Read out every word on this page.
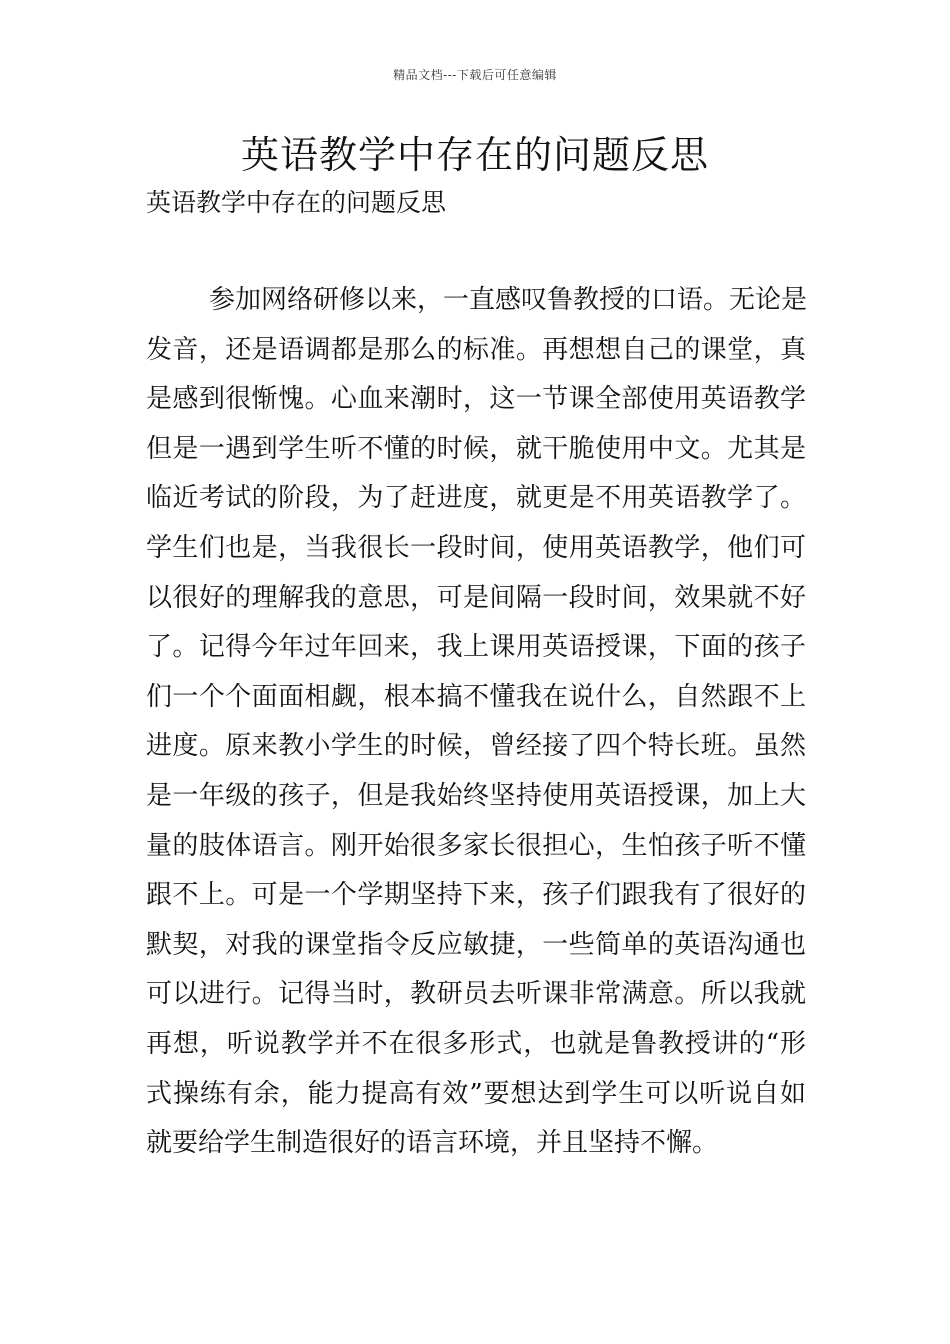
精品文档---下载后可任意编辑
英语教学中存在的问题反思

英语教学中存在的问题反思

参加网络研修以来，一直感叹鲁教授的口语。无论是
发音，还是语调都是那么的标准。再想想自己的课堂，真
是感到很惭愧。心血来潮时，这一节课全部使用英语教学
但是一遇到学生听不懂的时候，就干脆使用中文。尤其是
临近考试的阶段，为了赶进度，就更是不用英语教学了。
学生们也是，当我很长一段时间，使用英语教学，他们可
以很好的理解我的意思，可是间隔一段时间，效果就不好
了。记得今年过年回来，我上课用英语授课，下面的孩子
们一个个面面相觑，根本搞不懂我在说什么，自然跟不上
进度。原来教小学生的时候，曾经接了四个特长班。虽然
是一年级的孩子，但是我始终坚持使用英语授课，加上大
量的肢体语言。刚开始很多家长很担心，生怕孩子听不懂
跟不上。可是一个学期坚持下来，孩子们跟我有了很好的
默契，对我的课堂指令反应敏捷，一些简单的英语沟通也
可以进行。记得当时，教研员去听课非常满意。所以我就
再想，听说教学并不在很多形式，也就是鲁教授讲的“形
式操练有余，能力提高有效”要想达到学生可以听说自如
就要给学生制造很好的语言环境，并且坚持不懈。
